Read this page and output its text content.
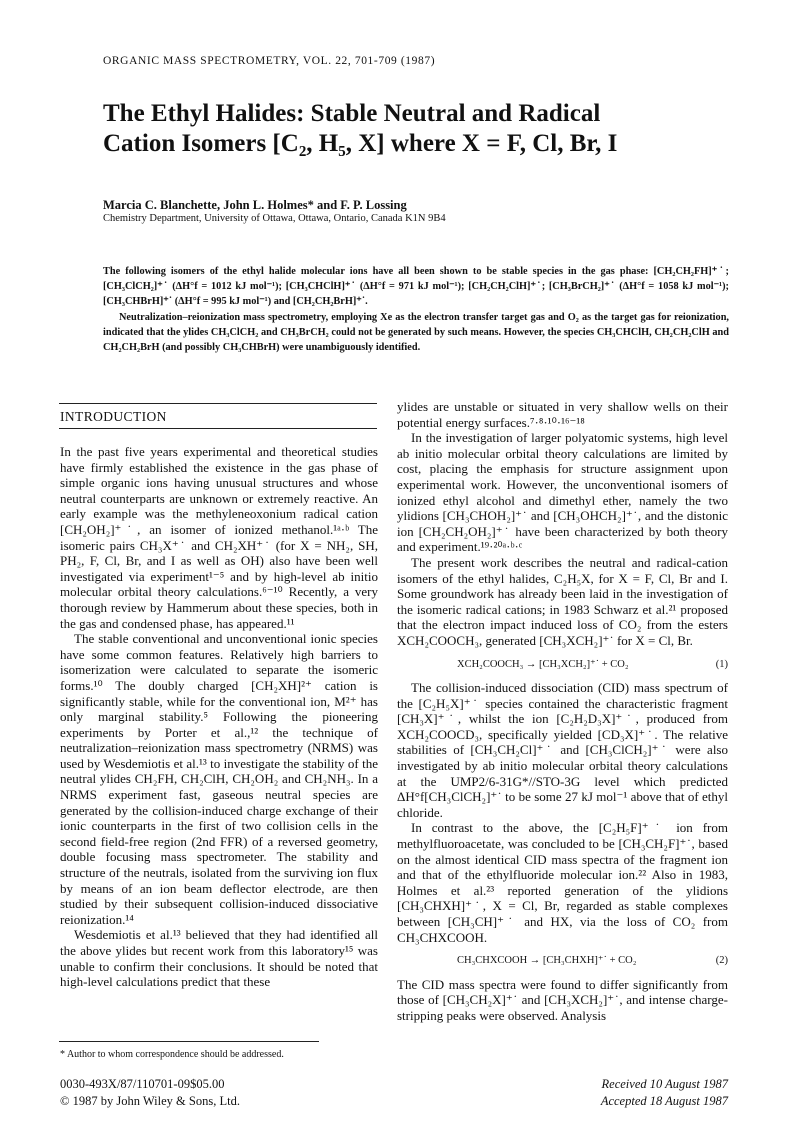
ORGANIC MASS SPECTROMETRY, VOL. 22, 701-709 (1987)
The Ethyl Halides: Stable Neutral and Radical
Cation Isomers [C₂, H₅, X] where X = F, Cl, Br, I
Marcia C. Blanchette, John L. Holmes* and F. P. Lossing
Chemistry Department, University of Ottawa, Ottawa, Ontario, Canada K1N 9B4

The following isomers of the ethyl halide molecular ions have all been shown to be stable species in the gas phase: [CH₂CH₂FH]⁺˙; [CH₃ClCH₂]⁺˙ (ΔH°f = 1012 kJ mol⁻¹); [CH₃CHClH]⁺˙ (ΔH°f = 971 kJ mol⁻¹); [CH₂CH₂ClH]⁺˙; [CH₃BrCH₂]⁺˙ (ΔH°f = 1058 kJ mol⁻¹); [CH₃CHBrH]⁺˙ (ΔH°f = 995 kJ mol⁻¹) and [CH₂CH₂BrH]⁺˙.

Neutralization–reionization mass spectrometry, employing Xe as the electron transfer target gas and O₂ as the target gas for reionization, indicated that the ylides CH₃ClCH₂ and CH₃BrCH₂ could not be generated by such means. However, the species CH₃CHClH, CH₂CH₂ClH and CH₂CH₂BrH (and possibly CH₃CHBrH) were unambiguously identified.

INTRODUCTION

In the past five years experimental and theoretical studies have firmly established the existence in the gas phase of simple organic ions having unusual structures and whose neutral counterparts are unknown or extremely reactive. An early example was the methyleneoxonium radical cation [CH₂OH₂]⁺˙, an isomer of ionized methanol.¹ᵃ·ᵇ The isomeric pairs CH₃X⁺˙ and CH₂XH⁺˙ (for X = NH₂, SH, PH₂, F, Cl, Br, and I as well as OH) also have been well investigated via experiment¹⁻⁵ and by high-level ab initio molecular orbital theory calculations.⁶⁻¹⁰ Recently, a very thorough review by Hammerum about these species, both in the gas and condensed phase, has appeared.¹¹

The stable conventional and unconventional ionic species have some common features. Relatively high barriers to isomerization were calculated to separate the isomeric forms.¹⁰ The doubly charged [CH₂XH]²⁺ cation is significantly stable, while for the conventional ion, M²⁺ has only marginal stability.⁵ Following the pioneering experiments by Porter et al.,¹² the technique of neutralization–reionization mass spectrometry (NRMS) was used by Wesdemiotis et al.¹³ to investigate the stability of the neutral ylides CH₂FH, CH₂ClH, CH₂OH₂ and CH₂NH₃. In a NRMS experiment fast, gaseous neutral species are generated by the collision-induced charge exchange of their ionic counterparts in the first of two collision cells in the second field-free region (2nd FFR) of a reversed geometry, double focusing mass spectrometer. The stability and structure of the neutrals, isolated from the surviving ion flux by means of an ion beam deflector electrode, are then studied by their subsequent collision-induced dissociative reionization.¹⁴

Wesdemiotis et al.¹³ believed that they had identified all the above ylides but recent work from this laboratory¹⁵ was unable to confirm their conclusions. It should be noted that high-level calculations predict that these

ylides are unstable or situated in very shallow wells on their potential energy surfaces.⁷·⁸·¹⁰·¹⁶⁻¹⁸

In the investigation of larger polyatomic systems, high level ab initio molecular orbital theory calculations are limited by cost, placing the emphasis for structure assignment upon experimental work. However, the unconventional isomers of ionized ethyl alcohol and dimethyl ether, namely the two ylidions [CH₃CHOH₂]⁺˙ and [CH₃OHCH₂]⁺˙, and the distonic ion [CH₂CH₂OH₂]⁺˙ have been characterized by both theory and experiment.¹⁹·²⁰ᵃ·ᵇ·ᶜ

The present work describes the neutral and radical-cation isomers of the ethyl halides, C₂H₅X, for X = F, Cl, Br and I. Some groundwork has already been laid in the investigation of the isomeric radical cations; in 1983 Schwarz et al.²¹ proposed that the electron impact induced loss of CO₂ from the esters XCH₂COOCH₃, generated [CH₃XCH₂]⁺˙ for X = Cl, Br.

XCH₂COOCH₃ → [CH₃XCH₂]⁺˙ + CO₂	(1)

The collision-induced dissociation (CID) mass spectrum of the [C₂H₅X]⁺˙ species contained the characteristic fragment [CH₃X]⁺˙, whilst the ion [C₂H₂D₃X]⁺˙, produced from XCH₂COOCD₃, specifically yielded [CD₃X]⁺˙. The relative stabilities of [CH₃CH₂Cl]⁺˙ and [CH₃ClCH₂]⁺˙ were also investigated by ab initio molecular orbital theory calculations at the UMP2/6-31G*//STO-3G level which predicted ΔH°f[CH₃ClCH₂]⁺˙ to be some 27 kJ mol⁻¹ above that of ethyl chloride.

In contrast to the above, the [C₂H₅F]⁺˙ ion from methylfluoroacetate, was concluded to be [CH₃CH₂F]⁺˙, based on the almost identical CID mass spectra of the fragment ion and that of the ethylfluoride molecular ion.²² Also in 1983, Holmes et al.²³ reported generation of the ylidions [CH₃CHXH]⁺˙, X = Cl, Br, regarded as stable complexes between [CH₃CH]⁺˙ and HX, via the loss of CO₂ from CH₃CHXCOOH.

CH₃CHXCOOH → [CH₃CHXH]⁺˙ + CO₂	(2)

The CID mass spectra were found to differ significantly from those of [CH₃CH₂X]⁺˙ and [CH₃XCH₂]⁺˙, and intense charge-stripping peaks were observed. Analysis

* Author to whom correspondence should be addressed.
0030-493X/87/110701-09$05.00
© 1987 by John Wiley & Sons, Ltd.
Received 10 August 1987
Accepted 18 August 1987
